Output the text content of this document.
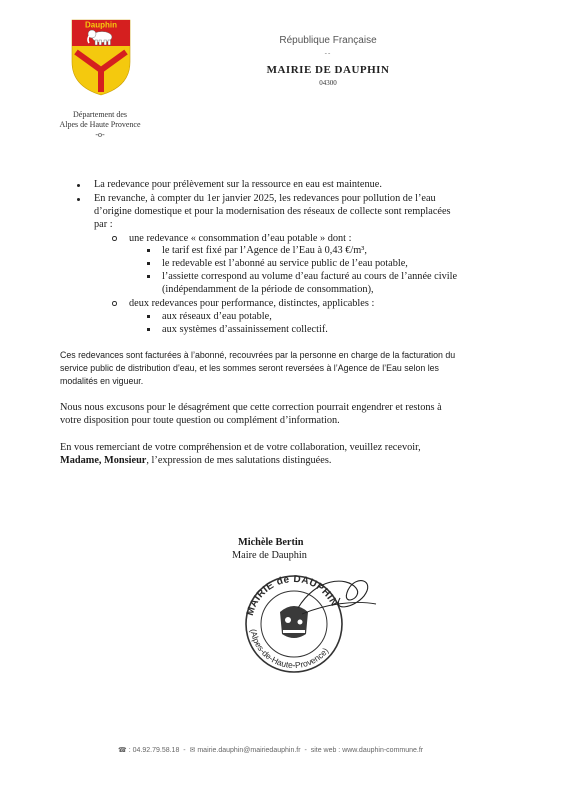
Dauphin
Département des
Alpes de Haute Provence
-o-
République Française
--
MAIRIE DE DAUPHIN
04300
La redevance pour prélèvement sur la ressource en eau est maintenue.
En revanche, à compter du 1er janvier 2025, les redevances pour pollution de l’eau
d’origine domestique et pour la modernisation des réseaux de collecte sont remplacées
par :
une redevance « consommation d’eau potable » dont :
le tarif est fixé par l’Agence de l’Eau à 0,43 €/m³,
le redevable est l’abonné au service public de l’eau potable,
l’assiette correspond au volume d’eau facturé au cours de l’année civile
(indépendamment de la période de consommation),
deux redevances pour performance, distinctes, applicables :
aux réseaux d’eau potable,
aux systèmes d’assainissement collectif.
Ces redevances sont facturées à l’abonné, recouvrées par la personne en charge de la facturation du
service public de distribution d’eau, et les sommes seront reversées à l’Agence de l’Eau selon les
modalités en vigueur.
Nous nous excusons pour le désagrément que cette correction pourrait engendrer et restons à
votre disposition pour toute question ou complément d’information.
En vous remerciant de votre compréhension et de votre collaboration, veuillez recevoir,
Madame, Monsieur, l’expression de mes salutations distinguées.
Michèle Bertin
Maire de Dauphin
MAIRIE de DAUPHIN
(Alpes-de-Haute-Provence)
☎ : 04.92.79.58.18 - ✉ mairie.dauphin@mairiedauphin.fr - site web : www.dauphin-commune.fr
